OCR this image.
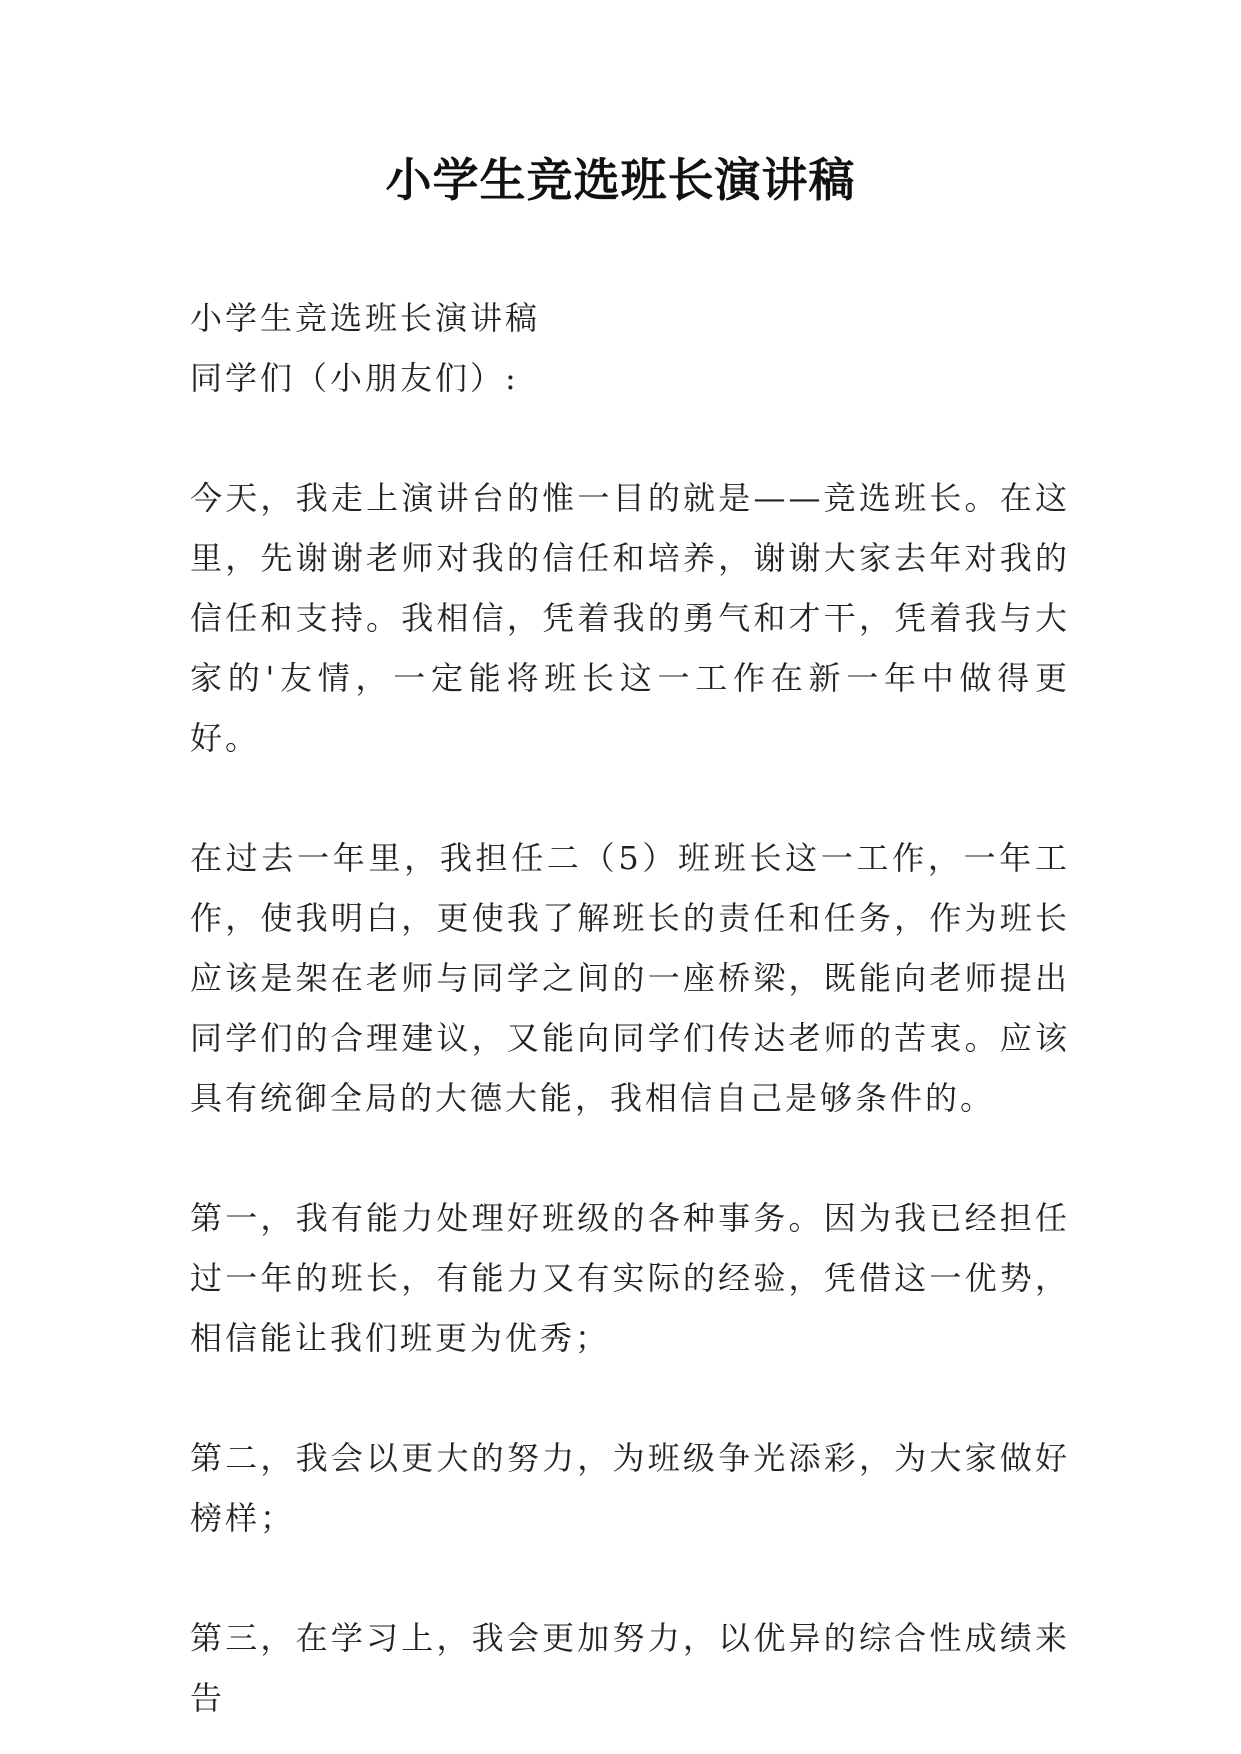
小学生竞选班长演讲稿

小学生竞选班长演讲稿

同学们（小朋友们）:

今天，我走上演讲台的惟一目的就是——竞选班长。在这里，先谢谢老师对我的信任和培养，谢谢大家去年对我的信任和支持。我相信，凭着我的勇气和才干，凭着我与大家的'友情，一定能将班长这一工作在新一年中做得更好。

在过去一年里，我担任二（5）班班长这一工作，一年工作，使我明白，更使我了解班长的责任和任务，作为班长应该是架在老师与同学之间的一座桥梁，既能向老师提出同学们的合理建议，又能向同学们传达老师的苦衷。应该具有统御全局的大德大能，我相信自己是够条件的。

第一，我有能力处理好班级的各种事务。因为我已经担任过一年的班长，有能力又有实际的经验，凭借这一优势，相信能让我们班更为优秀；

第二，我会以更大的努力，为班级争光添彩，为大家做好榜样；

第三，在学习上，我会更加努力，以优异的综合性成绩来告
